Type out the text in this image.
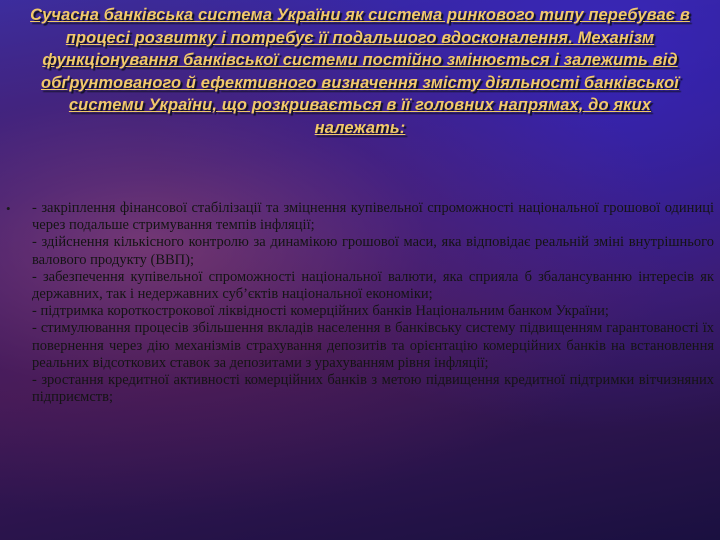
Сучасна банківська система України як система ринкового типу перебуває в процесі розвитку і потребує її подальшого вдосконалення. Механізм функціонування банківської системи постійно змінюється і залежить від обґрунтованого й ефективного визначення змісту діяльності банківської системи України, що розкривається в її головних напрямах, до яких належать:
• - закріплення фінансової стабілізації та зміцнення купівельної спроможності національної грошової одиниці через подальше стримування темпів інфляції;
- здійснення кількісного контролю за динамікою грошової маси, яка відповідає реальній зміні внутрішнього валового продукту (ВВП);
- забезпечення купівельної спроможності національної валюти, яка сприяла б збалансуванню інтересів як державних, так і недержавних суб’єктів національної економіки;
- підтримка короткострокової ліквідності комерційних банків Національним банком України;
- стимулювання процесів збільшення вкладів населення в банківську систему підвищенням гарантованості їх повернення через дію механізмів страхування депозитів та орієнтацію комерційних банків на встановлення реальних відсоткових ставок за депозитами з урахуванням рівня інфляції;
- зростання кредитної активності комерційних банків з метою підвищення кредитної підтримки вітчизняних підприємств;
